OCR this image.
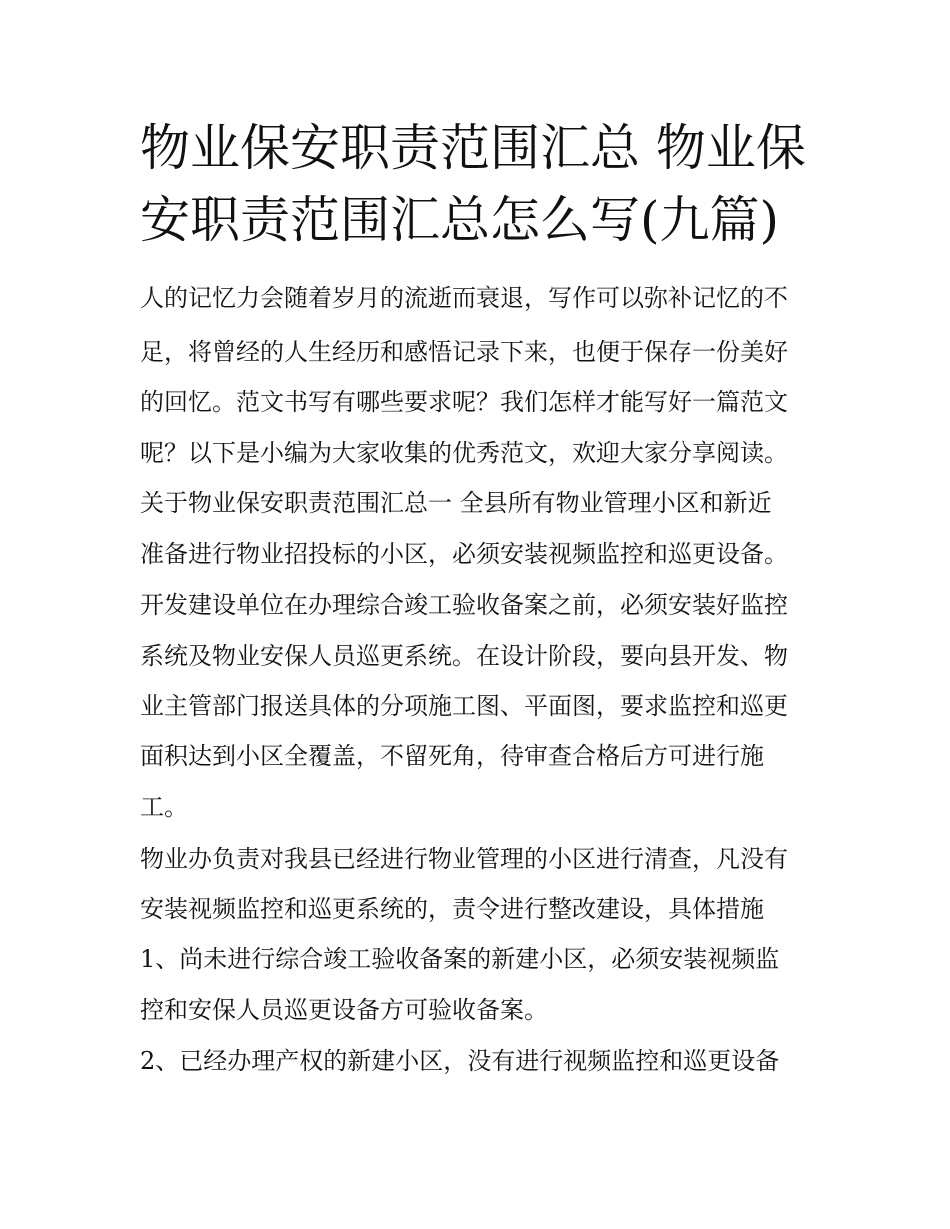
物业保安职责范围汇总 物业保安职责范围汇总怎么写(九篇)
人的记忆力会随着岁月的流逝而衰退，写作可以弥补记忆的不
足，将曾经的人生经历和感悟记录下来，也便于保存一份美好
的回忆。范文书写有哪些要求呢？我们怎样才能写好一篇范文
呢？以下是小编为大家收集的优秀范文，欢迎大家分享阅读。
关于物业保安职责范围汇总一 全县所有物业管理小区和新近
准备进行物业招投标的小区，必须安装视频监控和巡更设备。
开发建设单位在办理综合竣工验收备案之前，必须安装好监控
系统及物业安保人员巡更系统。在设计阶段，要向县开发、物
业主管部门报送具体的分项施工图、平面图，要求监控和巡更
面积达到小区全覆盖，不留死角，待审查合格后方可进行施
工。
物业办负责对我县已经进行物业管理的小区进行清查，凡没有
安装视频监控和巡更系统的，责令进行整改建设，具体措施
1、尚未进行综合竣工验收备案的新建小区，必须安装视频监
控和安保人员巡更设备方可验收备案。
2、已经办理产权的新建小区，没有进行视频监控和巡更设备
